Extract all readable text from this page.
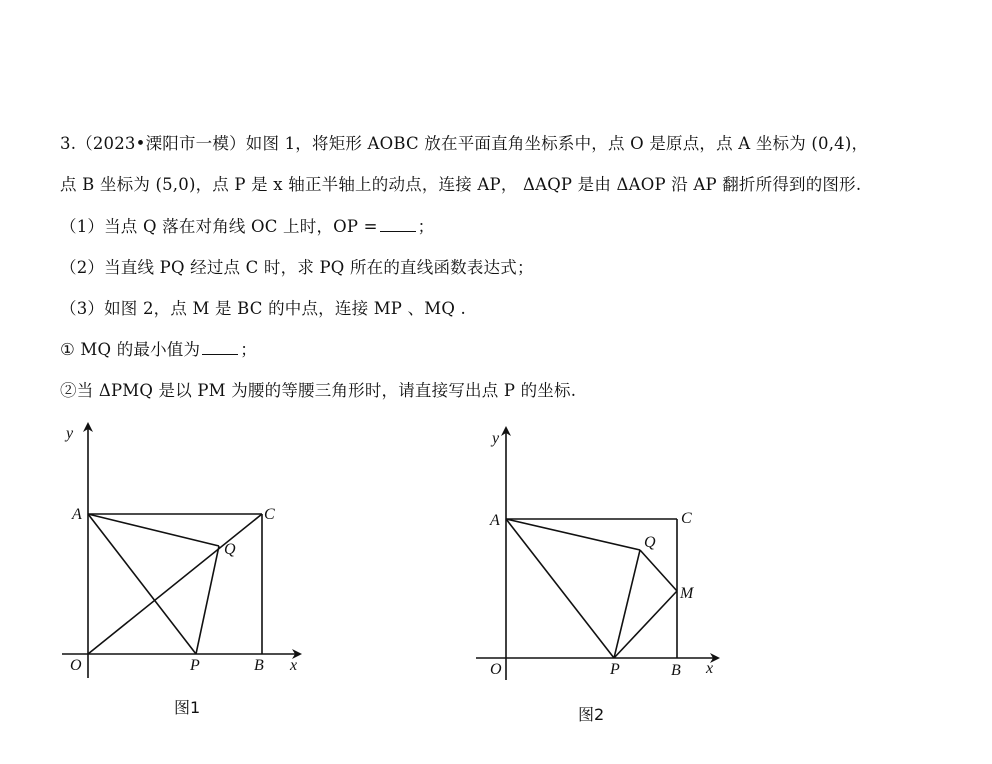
3.（2023•溧阳市一模）如图 1，将矩形 AOBC 放在平面直角坐标系中，点 O 是原点，点 A 坐标为 (0,4)，
点 B 坐标为 (5,0)，点 P 是 x 轴正半轴上的动点，连接 AP， ΔAQP 是由 ΔAOP 沿 AP 翻折所得到的图形.
（1）当点 Q 落在对角线 OC 上时，OP = ；
（2）当直线 PQ 经过点 C 时，求 PQ 所在的直线函数表达式；
（3）如图 2，点 M 是 BC 的中点，连接 MP 、MQ .
① MQ 的最小值为 ；
②当 ΔPMQ 是以 PM 为腰的等腰三角形时，请直接写出点 P 的坐标.
y
x
A	C
Q
O	P	B
图1
y
x
A	C
Q
M
O	P	B
图2
